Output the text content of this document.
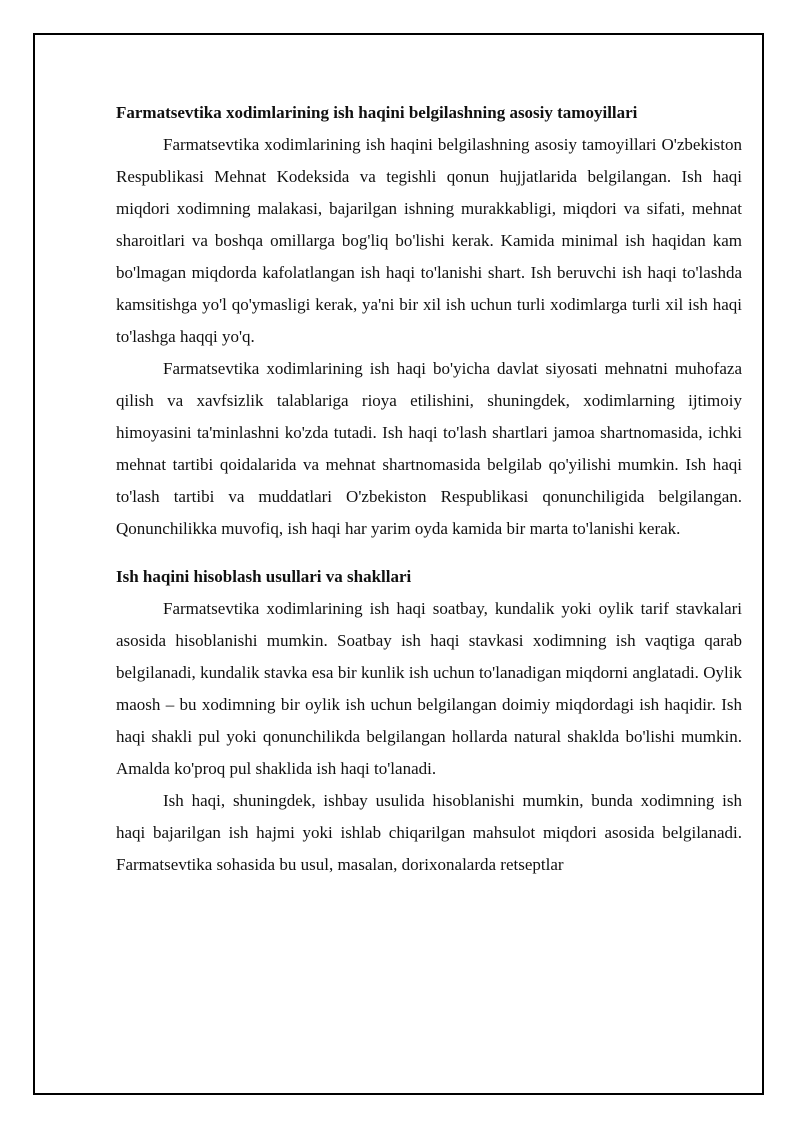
Farmatsevtika xodimlarining ish haqini belgilashning asosiy tamoyillari

Farmatsevtika xodimlarining ish haqini belgilashning asosiy tamoyillari O'zbekiston Respublikasi Mehnat Kodeksida va tegishli qonun hujjatlarida belgilangan. Ish haqi miqdori xodimning malakasi, bajarilgan ishning murakkabligi, miqdori va sifati, mehnat sharoitlari va boshqa omillarga bog'liq bo'lishi kerak. Kamida minimal ish haqidan kam bo'lmagan miqdorda kafolatlangan ish haqi to'lanishi shart. Ish beruvchi ish haqi to'lashda kamsitishga yo'l qo'ymasligi kerak, ya'ni bir xil ish uchun turli xodimlarga turli xil ish haqi to'lashga haqqi yo'q.

Farmatsevtika xodimlarining ish haqi bo'yicha davlat siyosati mehnatni muhofaza qilish va xavfsizlik talablariga rioya etilishini, shuningdek, xodimlarning ijtimoiy himoyasini ta'minlashni ko'zda tutadi. Ish haqi to'lash shartlari jamoa shartnomasida, ichki mehnat tartibi qoidalarida va mehnat shartnomasida belgilab qo'yilishi mumkin. Ish haqi to'lash tartibi va muddatlari O'zbekiston Respublikasi qonunchiligida belgilangan. Qonunchilikka muvofiq, ish haqi har yarim oyda kamida bir marta to'lanishi kerak.

Ish haqini hisoblash usullari va shakllari

Farmatsevtika xodimlarining ish haqi soatbay, kundalik yoki oylik tarif stavkalari asosida hisoblanishi mumkin. Soatbay ish haqi stavkasi xodimning ish vaqtiga qarab belgilanadi, kundalik stavka esa bir kunlik ish uchun to'lanadigan miqdorni anglatadi. Oylik maosh – bu xodimning bir oylik ish uchun belgilangan doimiy miqdordagi ish haqidir. Ish haqi shakli pul yoki qonunchilikda belgilangan hollarda natural shaklda bo'lishi mumkin. Amalda ko'proq pul shaklida ish haqi to'lanadi.

Ish haqi, shuningdek, ishbay usulida hisoblanishi mumkin, bunda xodimning ish haqi bajarilgan ish hajmi yoki ishlab chiqarilgan mahsulot miqdori asosida belgilanadi. Farmatsevtika sohasida bu usul, masalan, dorixonalarda retseptlar
